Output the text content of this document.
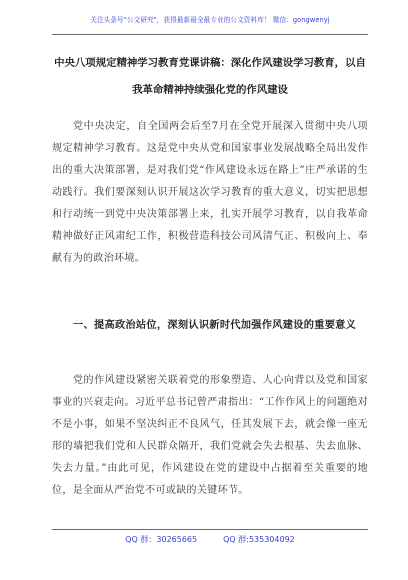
关注头条号"公文研究"，获得最新最全最专业的公文资料库！ 微信：gongwenyj
中央八项规定精神学习教育党课讲稿：深化作风建设学习教育，以自我革命精神持续强化党的作风建设
党中央决定，自全国两会后至7月在全党开展深入贯彻中央八项规定精神学习教育。这是党中央从党和国家事业发展战略全局出发作出的重大决策部署，是对我们党“作风建设永远在路上”庄严承诺的生动践行。我们要深刻认识开展这次学习教育的重大意义，切实把思想和行动统一到党中央决策部署上来，扎实开展学习教育，以自我革命精神做好正风肃纪工作，积极营造科技公司风清气正、积极向上、奉献有为的政治环境。
一、提高政治站位，深刻认识新时代加强作风建设的重要意义
党的作风建设紧密关联着党的形象塑造、人心向背以及党和国家事业的兴衰走向。习近平总书记曾严肃指出：“工作作风上的问题绝对不是小事，如果不坚决纠正不良风气，任其发展下去，就会像一座无形的墙把我们党和人民群众隔开，我们党就会失去根基、失去血脉、失去力量。”由此可见，作风建设在党的建设中占据着至关重要的地位，是全面从严治党不可或缺的关键环节。
QQ 群：30265665	QQ 群:535304092
